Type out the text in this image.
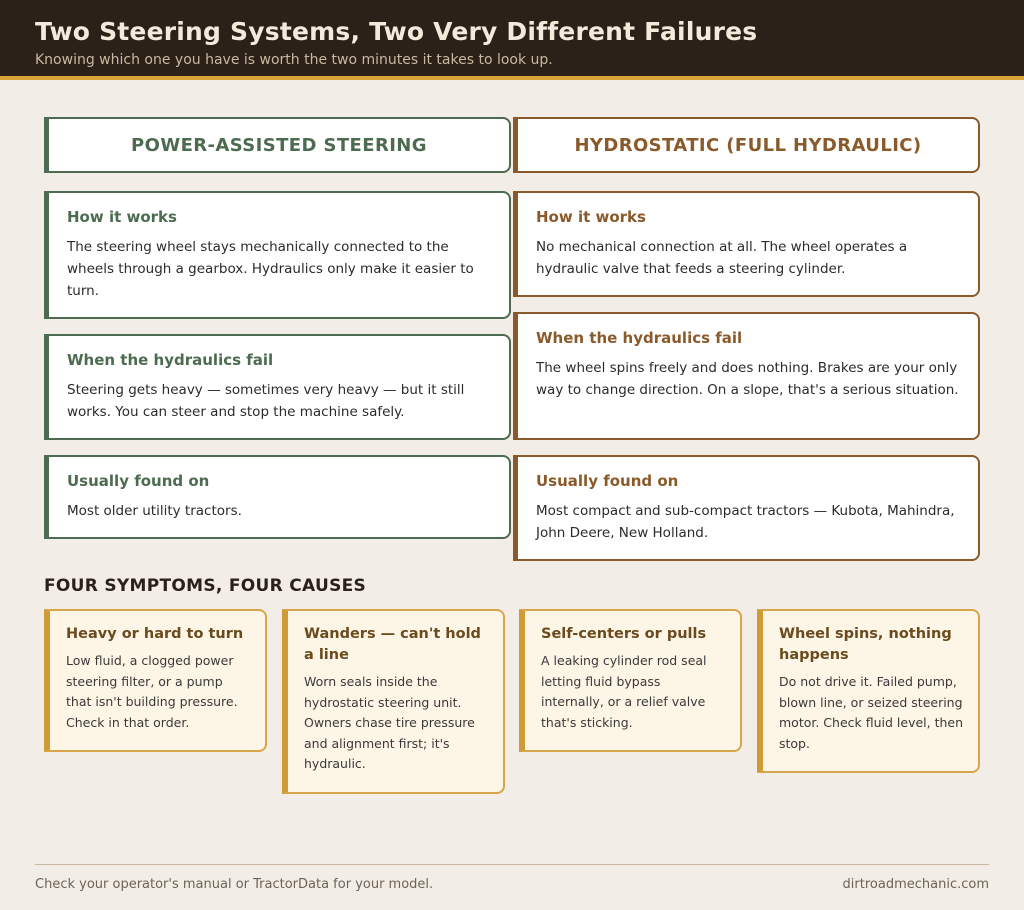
Two Steering Systems, Two Very Different Failures
Knowing which one you have is worth the two minutes it takes to look up.
POWER-ASSISTED STEERING
How it works

The steering wheel stays mechanically connected to the wheels through a gearbox. Hydraulics only make it easier to turn.

When the hydraulics fail

Steering gets heavy — sometimes very heavy — but it still works. You can steer and stop the machine safely.

Usually found on

Most older utility tractors.

HYDROSTATIC (FULL HYDRAULIC)
How it works

No mechanical connection at all. The wheel operates a hydraulic valve that feeds a steering cylinder.

When the hydraulics fail

The wheel spins freely and does nothing. Brakes are your only way to change direction. On a slope, that's a serious situation.

Usually found on

Most compact and sub-compact tractors — Kubota, Mahindra, John Deere, New Holland.

FOUR SYMPTOMS, FOUR CAUSES
Heavy or hard to turn

Low fluid, a clogged power steering filter, or a pump that isn't building pressure. Check in that order.

Wanders — can't hold a line

Worn seals inside the hydrostatic steering unit. Owners chase tire pressure and alignment first; it's hydraulic.

Self-centers or pulls

A leaking cylinder rod seal letting fluid bypass internally, or a relief valve that's sticking.

Wheel spins, nothing happens

Do not drive it. Failed pump, blown line, or seized steering motor. Check fluid level, then stop.

Check your operator's manual or TractorData for your model.	dirtroadmechanic.com
